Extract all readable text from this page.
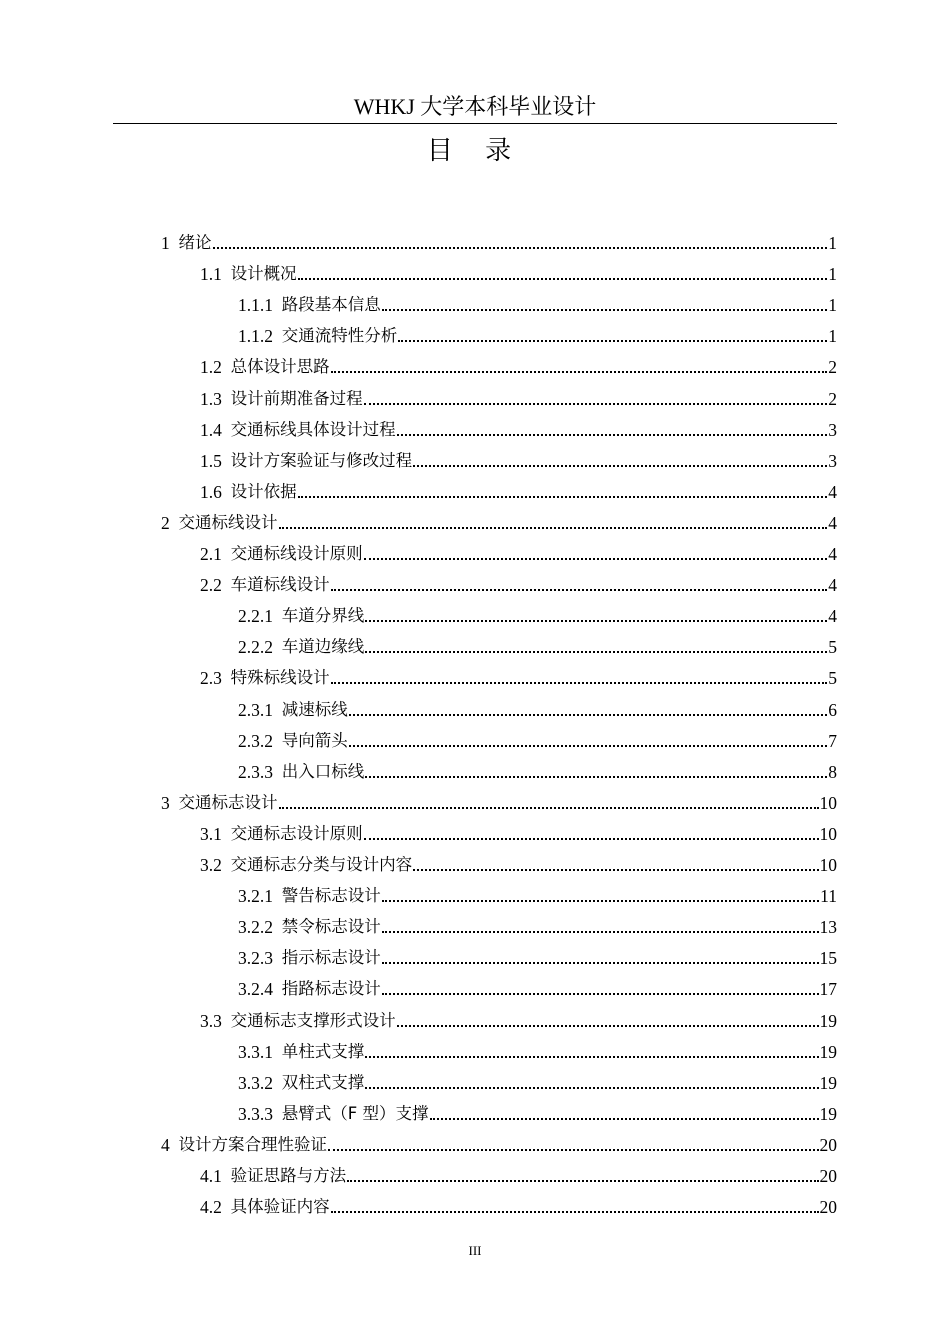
WHKJ 大学本科毕业设计
目 录
1 绪论	1
1.1 设计概况	1
1.1.1 路段基本信息	1
1.1.2 交通流特性分析	1
1.2 总体设计思路	2
1.3 设计前期准备过程	2
1.4 交通标线具体设计过程	3
1.5 设计方案验证与修改过程	3
1.6 设计依据	4
2 交通标线设计	4
2.1 交通标线设计原则	4
2.2 车道标线设计	4
2.2.1 车道分界线	4
2.2.2 车道边缘线	5
2.3 特殊标线设计	5
2.3.1 减速标线	6
2.3.2 导向箭头	7
2.3.3 出入口标线	8
3 交通标志设计	10
3.1 交通标志设计原则	10
3.2 交通标志分类与设计内容	10
3.2.1 警告标志设计	11
3.2.2 禁令标志设计	13
3.2.3 指示标志设计	15
3.2.4 指路标志设计	17
3.3 交通标志支撑形式设计	19
3.3.1 单柱式支撑	19
3.3.2 双柱式支撑	19
3.3.3 悬臂式（F 型）支撑	19
4 设计方案合理性验证	20
4.1 验证思路与方法	20
4.2 具体验证内容	20
III
